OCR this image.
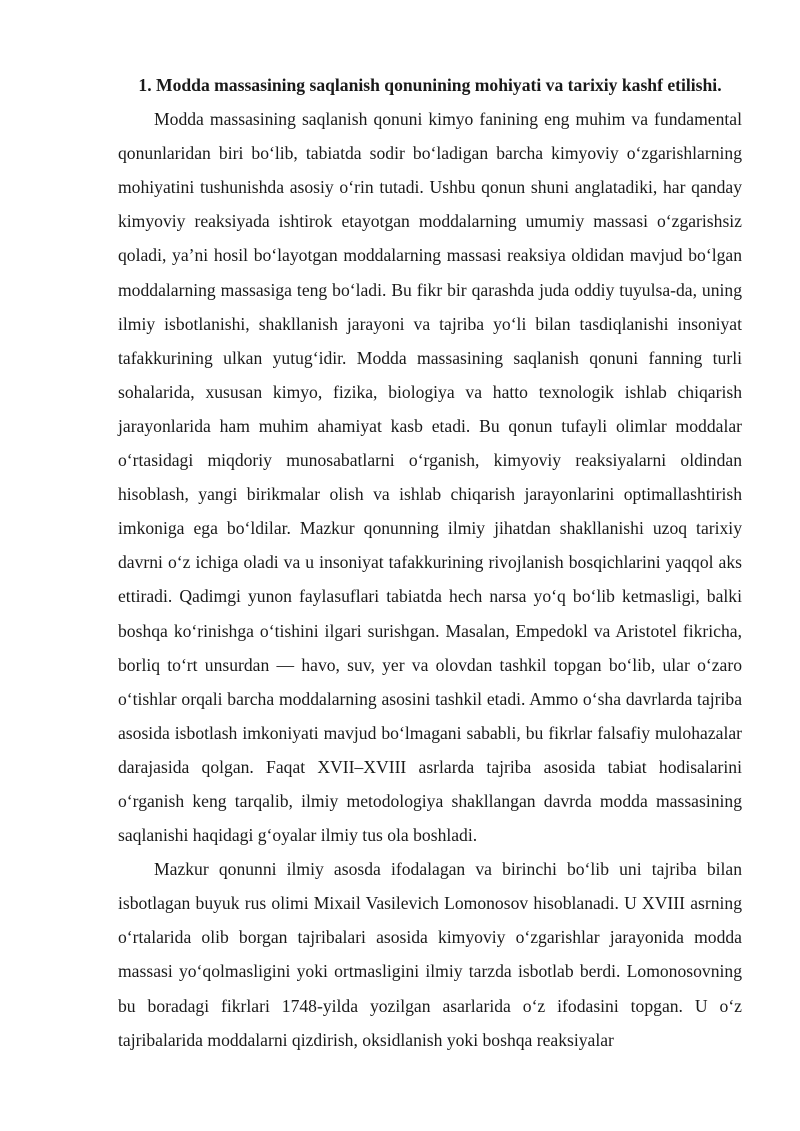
1. Modda massasining saqlanish qonunining mohiyati va tarixiy kashf etilishi.

Modda massasining saqlanish qonuni kimyo fanining eng muhim va fundamental qonunlaridan biri bo‘lib, tabiatda sodir bo‘ladigan barcha kimyoviy o‘zgarishlarning mohiyatini tushunishda asosiy o‘rin tutadi. Ushbu qonun shuni anglatadiki, har qanday kimyoviy reaksiyada ishtirok etayotgan moddalarning umumiy massasi o‘zgarishsiz qoladi, ya’ni hosil bo‘layotgan moddalarning massasi reaksiya oldidan mavjud bo‘lgan moddalarning massasiga teng bo‘ladi. Bu fikr bir qarashda juda oddiy tuyulsa-da, uning ilmiy isbotlanishi, shakllanish jarayoni va tajriba yo‘li bilan tasdiqlanishi insoniyat tafakkurining ulkan yutug‘idir. Modda massasining saqlanish qonuni fanning turli sohalarida, xususan kimyo, fizika, biologiya va hatto texnologik ishlab chiqarish jarayonlarida ham muhim ahamiyat kasb etadi. Bu qonun tufayli olimlar moddalar o‘rtasidagi miqdoriy munosabatlarni o‘rganish, kimyoviy reaksiyalarni oldindan hisoblash, yangi birikmalar olish va ishlab chiqarish jarayonlarini optimallashtirish imkoniga ega bo‘ldilar. Mazkur qonunning ilmiy jihatdan shakllanishi uzoq tarixiy davrni o‘z ichiga oladi va u insoniyat tafakkurining rivojlanish bosqichlarini yaqqol aks ettiradi. Qadimgi yunon faylasuflari tabiatda hech narsa yo‘q bo‘lib ketmasligi, balki boshqa ko‘rinishga o‘tishini ilgari surishgan. Masalan, Empedokl va Aristotel fikricha, borliq to‘rt unsurdan — havo, suv, yer va olovdan tashkil topgan bo‘lib, ular o‘zaro o‘tishlar orqali barcha moddalarning asosini tashkil etadi. Ammo o‘sha davrlarda tajriba asosida isbotlash imkoniyati mavjud bo‘lmagani sababli, bu fikrlar falsafiy mulohazalar darajasida qolgan. Faqat XVII–XVIII asrlarda tajriba asosida tabiat hodisalarini o‘rganish keng tarqalib, ilmiy metodologiya shakllangan davrda modda massasining saqlanishi haqidagi g‘oyalar ilmiy tus ola boshladi.

Mazkur qonunni ilmiy asosda ifodalagan va birinchi bo‘lib uni tajriba bilan isbotlagan buyuk rus olimi Mixail Vasilevich Lomonosov hisoblanadi. U XVIII asrning o‘rtalarida olib borgan tajribalari asosida kimyoviy o‘zgarishlar jarayonida modda massasi yo‘qolmasligini yoki ortmasligini ilmiy tarzda isbotlab berdi. Lomonosovning bu boradagi fikrlari 1748-yilda yozilgan asarlarida o‘z ifodasini topgan. U o‘z tajribalarida moddalarni qizdirish, oksidlanish yoki boshqa reaksiyalar
